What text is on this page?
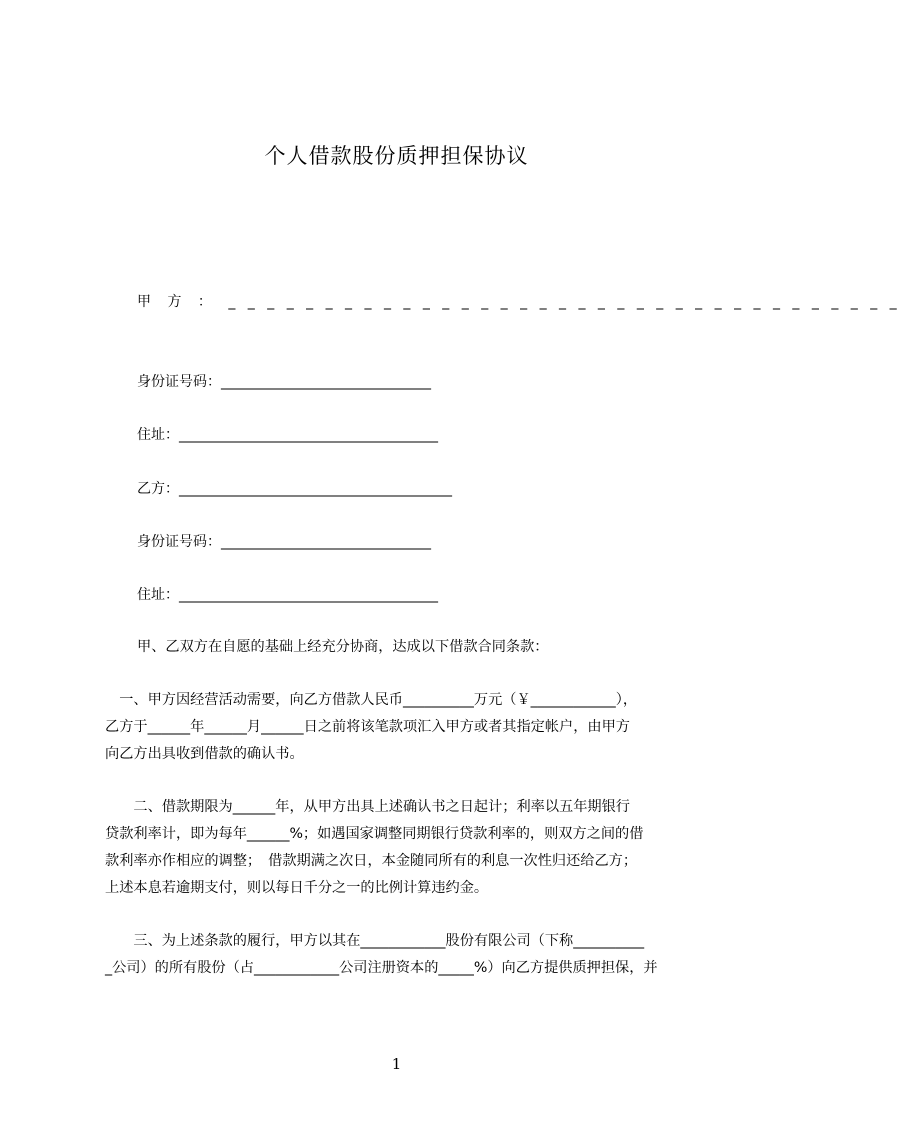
个人借款股份质押担保协议
甲 方 ： _ _ _ _ _ _ _ _ _ _ _ _ _ _ _ _ _ _ _ _ _ _ _ _ _ _ _ _ _ _ _ _ _ _ _
身份证号码：______________________________
住址：_____________________________________
乙方：_______________________________________
身份证号码：______________________________
住址：_____________________________________
甲、乙双方在自愿的基础上经充分协商，达成以下借款合同条款：
　一、甲方因经营活动需要，向乙方借款人民币__________万元（￥____________），
乙方于______年______月______日之前将该笔款项汇入甲方或者其指定帐户，由甲方
向乙方出具收到借款的确认书。
　　二、借款期限为______年，从甲方出具上述确认书之日起计；利率以五年期银行
贷款利率计，即为每年______%；如遇国家调整同期银行贷款利率的，则双方之间的借
款利率亦作相应的调整；　借款期满之次日，本金随同所有的利息一次性归还给乙方；
上述本息若逾期支付，则以每日千分之一的比例计算违约金。
　　三、为上述条款的履行，甲方以其在____________股份有限公司（下称__________
_公司）的所有股份（占____________公司注册资本的_____%）向乙方提供质押担保，并
1
